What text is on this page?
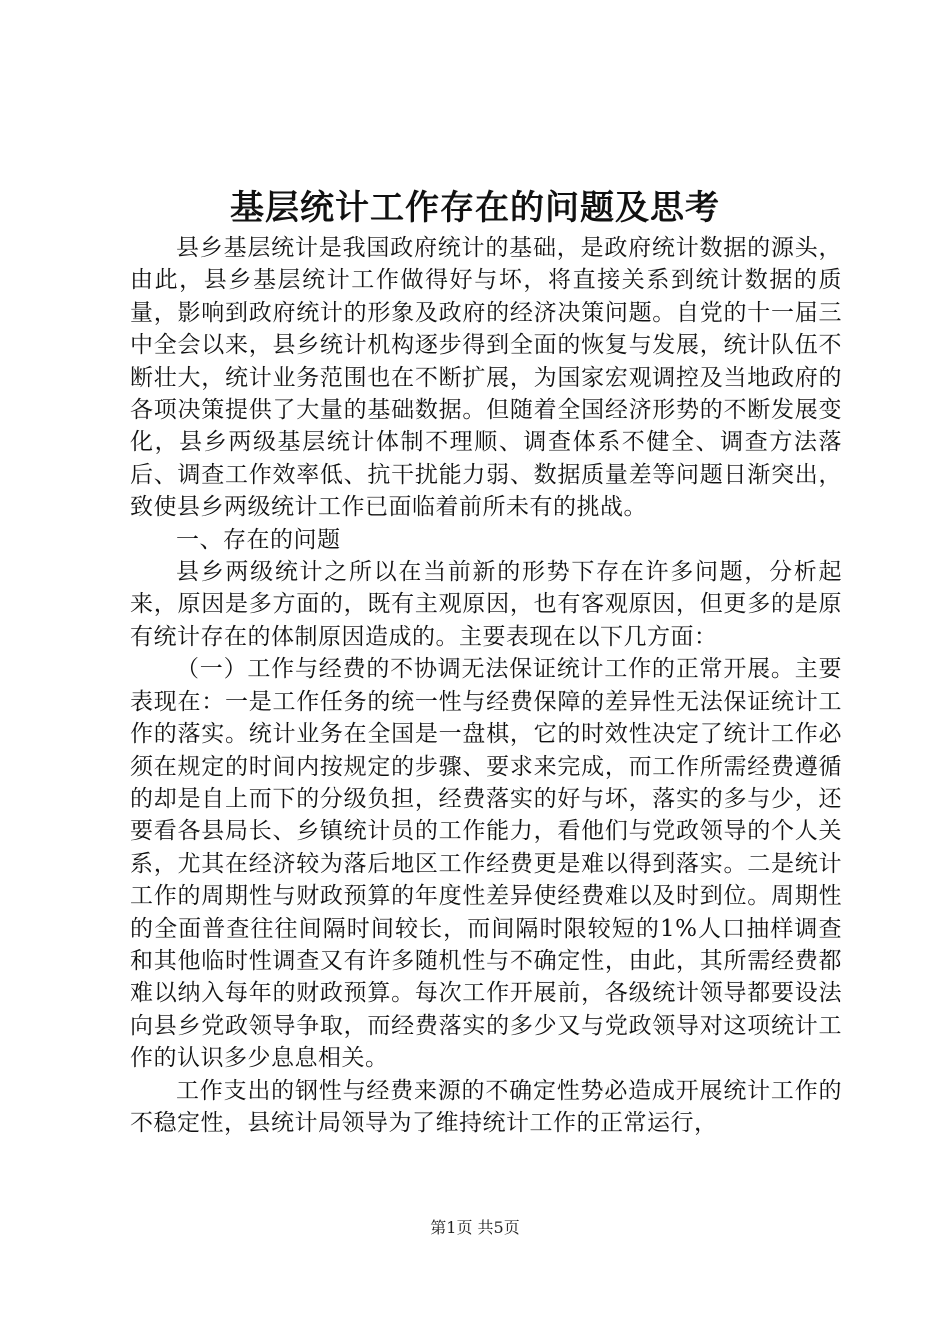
基层统计工作存在的问题及思考

县乡基层统计是我国政府统计的基础，是政府统计数据的源头，由此，县乡基层统计工作做得好与坏，将直接关系到统计数据的质量，影响到政府统计的形象及政府的经济决策问题。自党的十一届三中全会以来，县乡统计机构逐步得到全面的恢复与发展，统计队伍不断壮大，统计业务范围也在不断扩展，为国家宏观调控及当地政府的各项决策提供了大量的基础数据。但随着全国经济形势的不断发展变化，县乡两级基层统计体制不理顺、调查体系不健全、调查方法落后、调查工作效率低、抗干扰能力弱、数据质量差等问题日渐突出，致使县乡两级统计工作已面临着前所未有的挑战。

一、存在的问题

县乡两级统计之所以在当前新的形势下存在许多问题，分析起来，原因是多方面的，既有主观原因，也有客观原因，但更多的是原有统计存在的体制原因造成的。主要表现在以下几方面：

（一）工作与经费的不协调无法保证统计工作的正常开展。主要表现在：一是工作任务的统一性与经费保障的差异性无法保证统计工作的落实。统计业务在全国是一盘棋，它的时效性决定了统计工作必须在规定的时间内按规定的步骤、要求来完成，而工作所需经费遵循的却是自上而下的分级负担，经费落实的好与坏，落实的多与少，还要看各县局长、乡镇统计员的工作能力，看他们与党政领导的个人关系，尤其在经济较为落后地区工作经费更是难以得到落实。二是统计工作的周期性与财政预算的年度性差异使经费难以及时到位。周期性的全面普查往往间隔时间较长，而间隔时限较短的1%人口抽样调查和其他临时性调查又有许多随机性与不确定性，由此，其所需经费都难以纳入每年的财政预算。每次工作开展前，各级统计领导都要设法向县乡党政领导争取，而经费落实的多少又与党政领导对这项统计工作的认识多少息息相关。

工作支出的钢性与经费来源的不确定性势必造成开展统计工作的不稳定性，县统计局领导为了维持统计工作的正常运行，

第1页 共5页
